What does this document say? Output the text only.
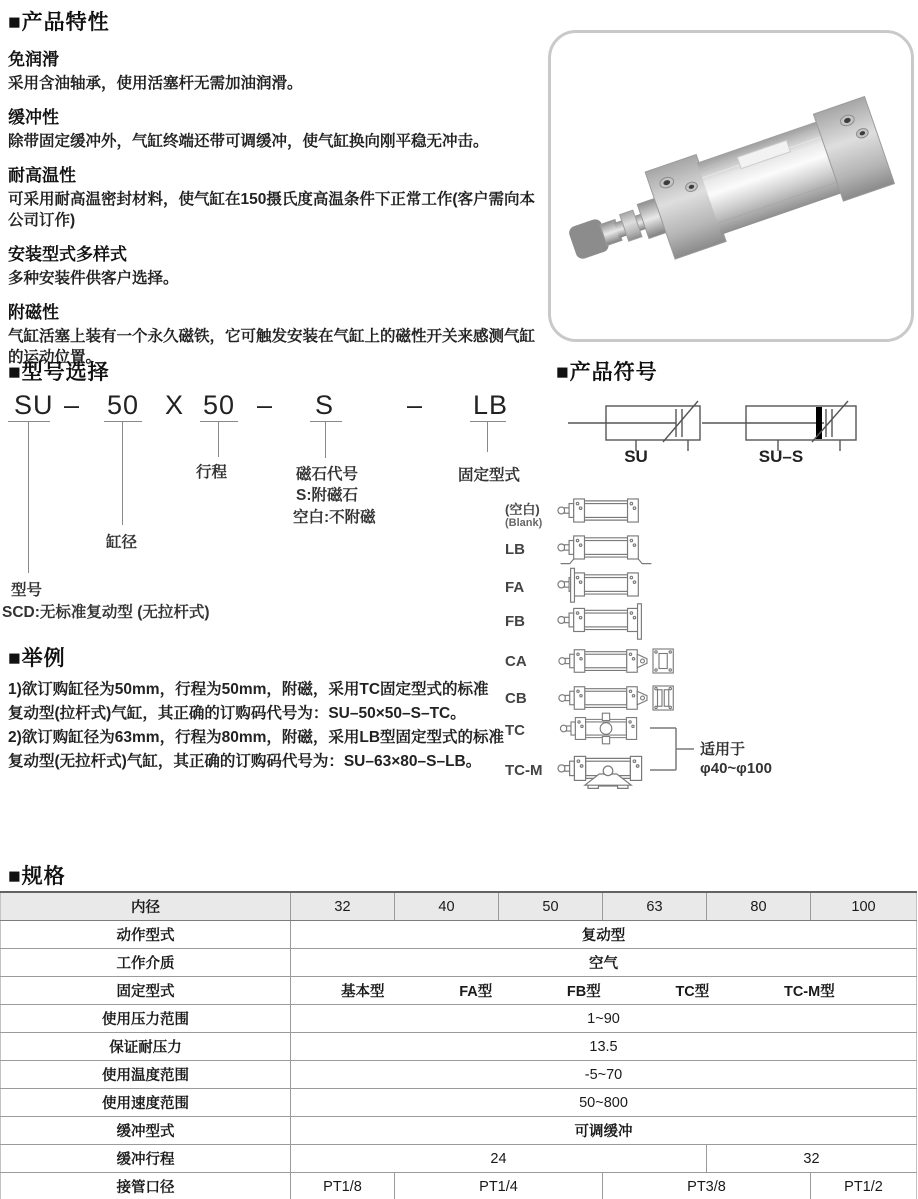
■产品特性
免润滑

采用含油轴承，使用活塞杆无需加油润滑。

缓冲性

除带固定缓冲外，气缸终端还带可调缓冲，使气缸换向刚平稳无冲击。

耐高温性

可采用耐高温密封材料，使气缸在150摄氏度高温条件下正常工作(客户需向本公司订作)

安装型式多样式

多种安装件供客户选择。

附磁性

气缸活塞上装有一个永久磁铁，它可触发安装在气缸上的磁性开关来感测气缸的运动位置。

■型号选择
SU – 50 X 50 – S	– LB
行程	磁石代号
S:附磁石
空白:不附磁
固定型式
缸径
型号
SCD:无标准复动型 (无拉杆式)
■产品符号
SU	SU–S
(空白)
(Blank)
LB
FA
FB
CA
CB
TC
TC-M
适用于
φ40~φ100
■举例

1)欲订购缸径为50mm，行程为50mm，附磁，采用TC固定型式的标准

复动型(拉杆式)气缸，其正确的订购码代号为：SU–50×50–S–TC。

2)欲订购缸径为63mm，行程为80mm，附磁，采用LB型固定型式的标准

复动型(无拉杆式)气缸，其正确的订购码代号为：SU–63×80–S–LB。

■规格
内径	32	40	50	63	80	100
动作型式	复动型					
工作介质	空气					
固定型式	基本型 FA型 FB型 TC型 TC-M型					

使用压力范围	1~90					
保证耐压力	13.5					
使用温度范围	-5~70					
使用速度范围	50~800					
缓冲型式	可调缓冲					
缓冲行程	24				32	
接管口径	PT1/8	PT1/4		PT3/8		PT1/2
